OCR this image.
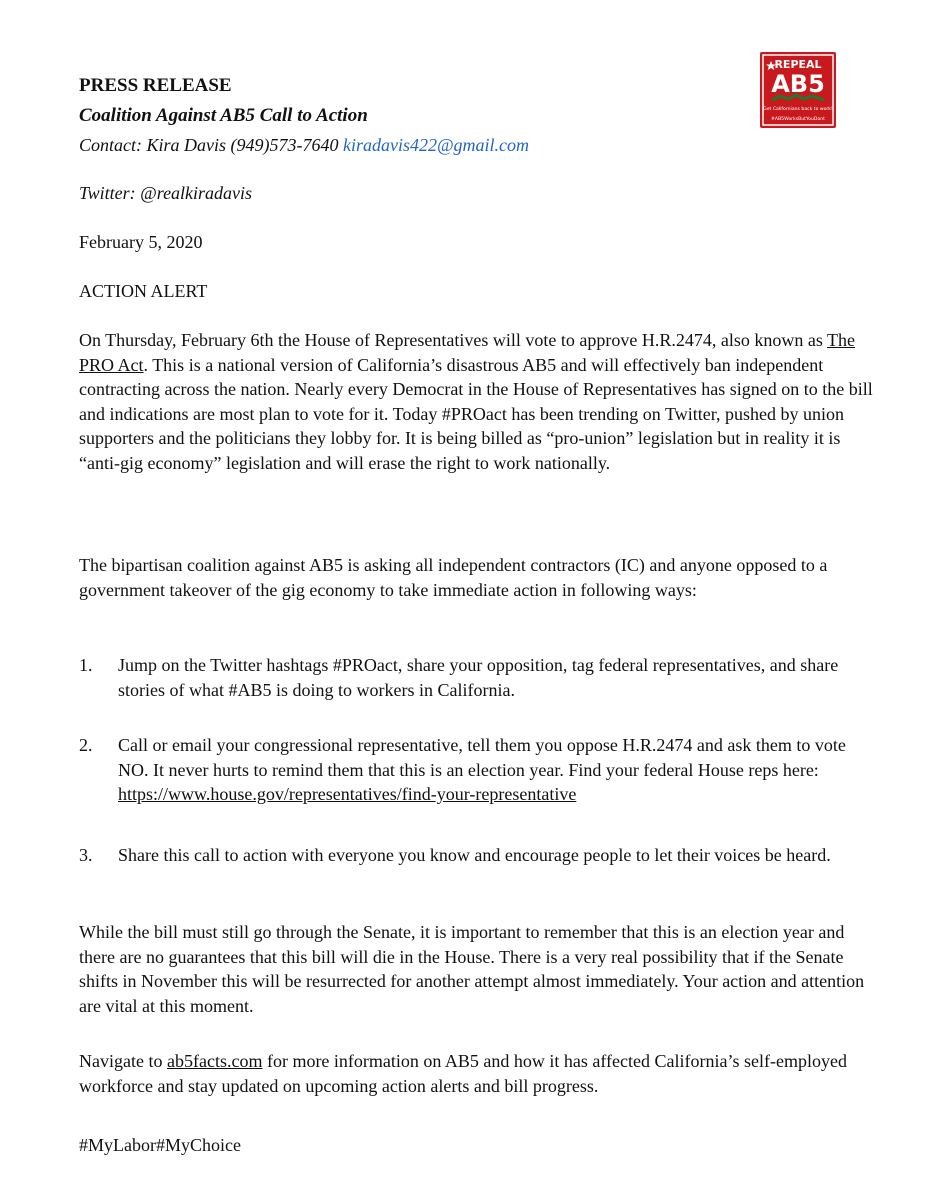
REPEAL
AB5
Get Californians back to work!
#AB5WorksButYouDont
PRESS RELEASE
Coalition Against AB5 Call to Action
Contact: Kira Davis (949)573-7640 kiradavis422@gmail.com
Twitter: @realkiradavis
February 5, 2020
ACTION ALERT

On Thursday, February 6th the House of Representatives will vote to approve H.R.2474, also known as The PRO Act. This is a national version of California’s disastrous AB5 and will effectively ban independent contracting across the nation. Nearly every Democrat in the House of Representatives has signed on to the bill and indications are most plan to vote for it. Today #PROact has been trending on Twitter, pushed by union supporters and the politicians they lobby for. It is being billed as “pro-union” legislation but in reality it is “anti-gig economy” legislation and will erase the right to work nationally.

The bipartisan coalition against AB5 is asking all independent contractors (IC) and anyone opposed to a government takeover of the gig economy to take immediate action in following ways:

1. Jump on the Twitter hashtags #PROact, share your opposition, tag federal representatives, and share stories of what #AB5 is doing to workers in California.
2. Call or email your congressional representative, tell them you oppose H.R.2474 and ask them to vote NO. It never hurts to remind them that this is an election year. Find your federal House reps here: https://www.house.gov/representatives/find-your-representative
3. Share this call to action with everyone you know and encourage people to let their voices be heard.

While the bill must still go through the Senate, it is important to remember that this is an election year and there are no guarantees that this bill will die in the House. There is a very real possibility that if the Senate shifts in November this will be resurrected for another attempt almost immediately. Your action and attention are vital at this moment.

Navigate to ab5facts.com for more information on AB5 and how it has affected California’s self-employed workforce and stay updated on upcoming action alerts and bill progress.

#MyLabor#MyChoice
